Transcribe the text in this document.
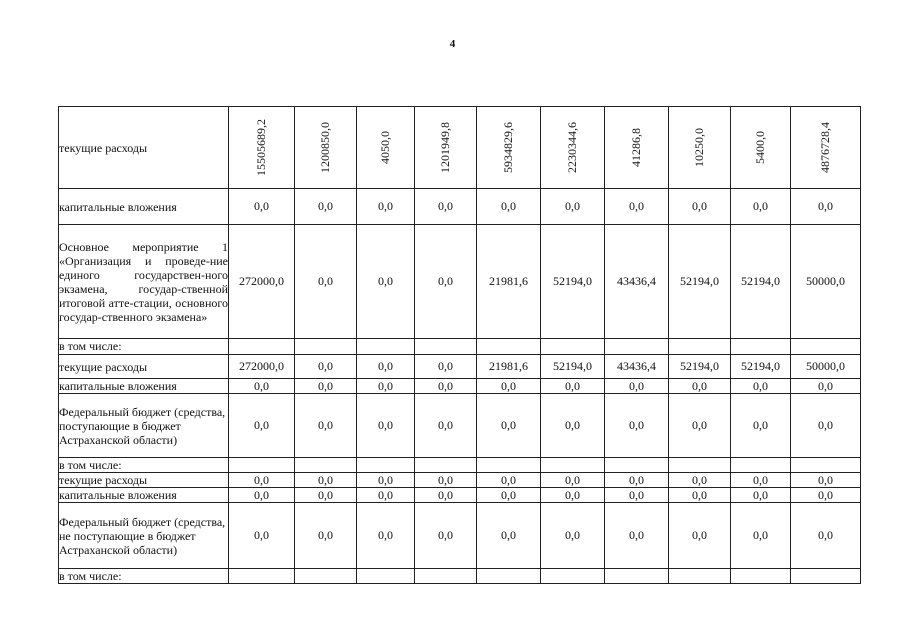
4
текущие расходы	15505689,2	1200850,0	4050,0	1201949,8	5934829,6	2230344,6	41286,8	10250,0	5400,0	4876728,4
капитальные вложения	0,0	0,0	0,0	0,0	0,0	0,0	0,0	0,0	0,0	0,0
Основное мероприятие 1 «Организация и проведе-ние единого государствен-ного экзамена, государ-ственной итоговой атте-стации, основного государ-ственного экзамена»	272000,0	0,0	0,0	0,0	21981,6	52194,0	43436,4	52194,0	52194,0	50000,0
в том числе:										
текущие расходы	272000,0	0,0	0,0	0,0	21981,6	52194,0	43436,4	52194,0	52194,0	50000,0
капитальные вложения	0,0	0,0	0,0	0,0	0,0	0,0	0,0	0,0	0,0	0,0
Федеральный бюджет (средства, поступающие в бюджет Астраханской области)	0,0	0,0	0,0	0,0	0,0	0,0	0,0	0,0	0,0	0,0
в том числе:										
текущие расходы	0,0	0,0	0,0	0,0	0,0	0,0	0,0	0,0	0,0	0,0
капитальные вложения	0,0	0,0	0,0	0,0	0,0	0,0	0,0	0,0	0,0	0,0
Федеральный бюджет (средства, не поступающие в бюджет Астраханской области)	0,0	0,0	0,0	0,0	0,0	0,0	0,0	0,0	0,0	0,0
в том числе:										
